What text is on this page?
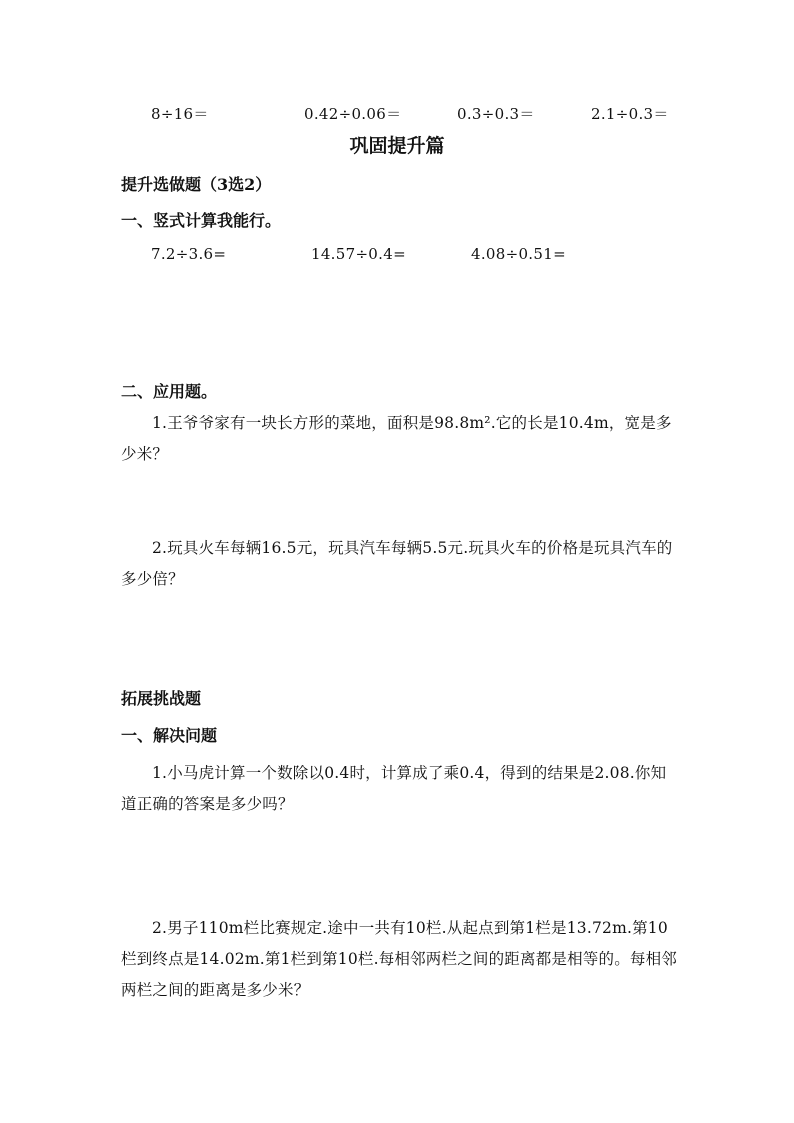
8÷16＝	0.42÷0.06＝	0.3÷0.3＝	2.1÷0.3＝
巩固提升篇
提升选做题（3选2）
一、竖式计算我能行。
7.2÷3.6=	14.57÷0.4=	4.08÷0.51=
二、应用题。
1.王爷爷家有一块长方形的菜地，面积是98.8m².它的长是10.4m，宽是多少米？
2.玩具火车每辆16.5元，玩具汽车每辆5.5元.玩具火车的价格是玩具汽车的多少倍？
拓展挑战题
一、解决问题
1.小马虎计算一个数除以0.4时，计算成了乘0.4，得到的结果是2.08.你知道正确的答案是多少吗？
2.男子110m栏比赛规定.途中一共有10栏.从起点到第1栏是13.72m.第10栏到终点是14.02m.第1栏到第10栏.每相邻两栏之间的距离都是相等的。每相邻两栏之间的距离是多少米？
